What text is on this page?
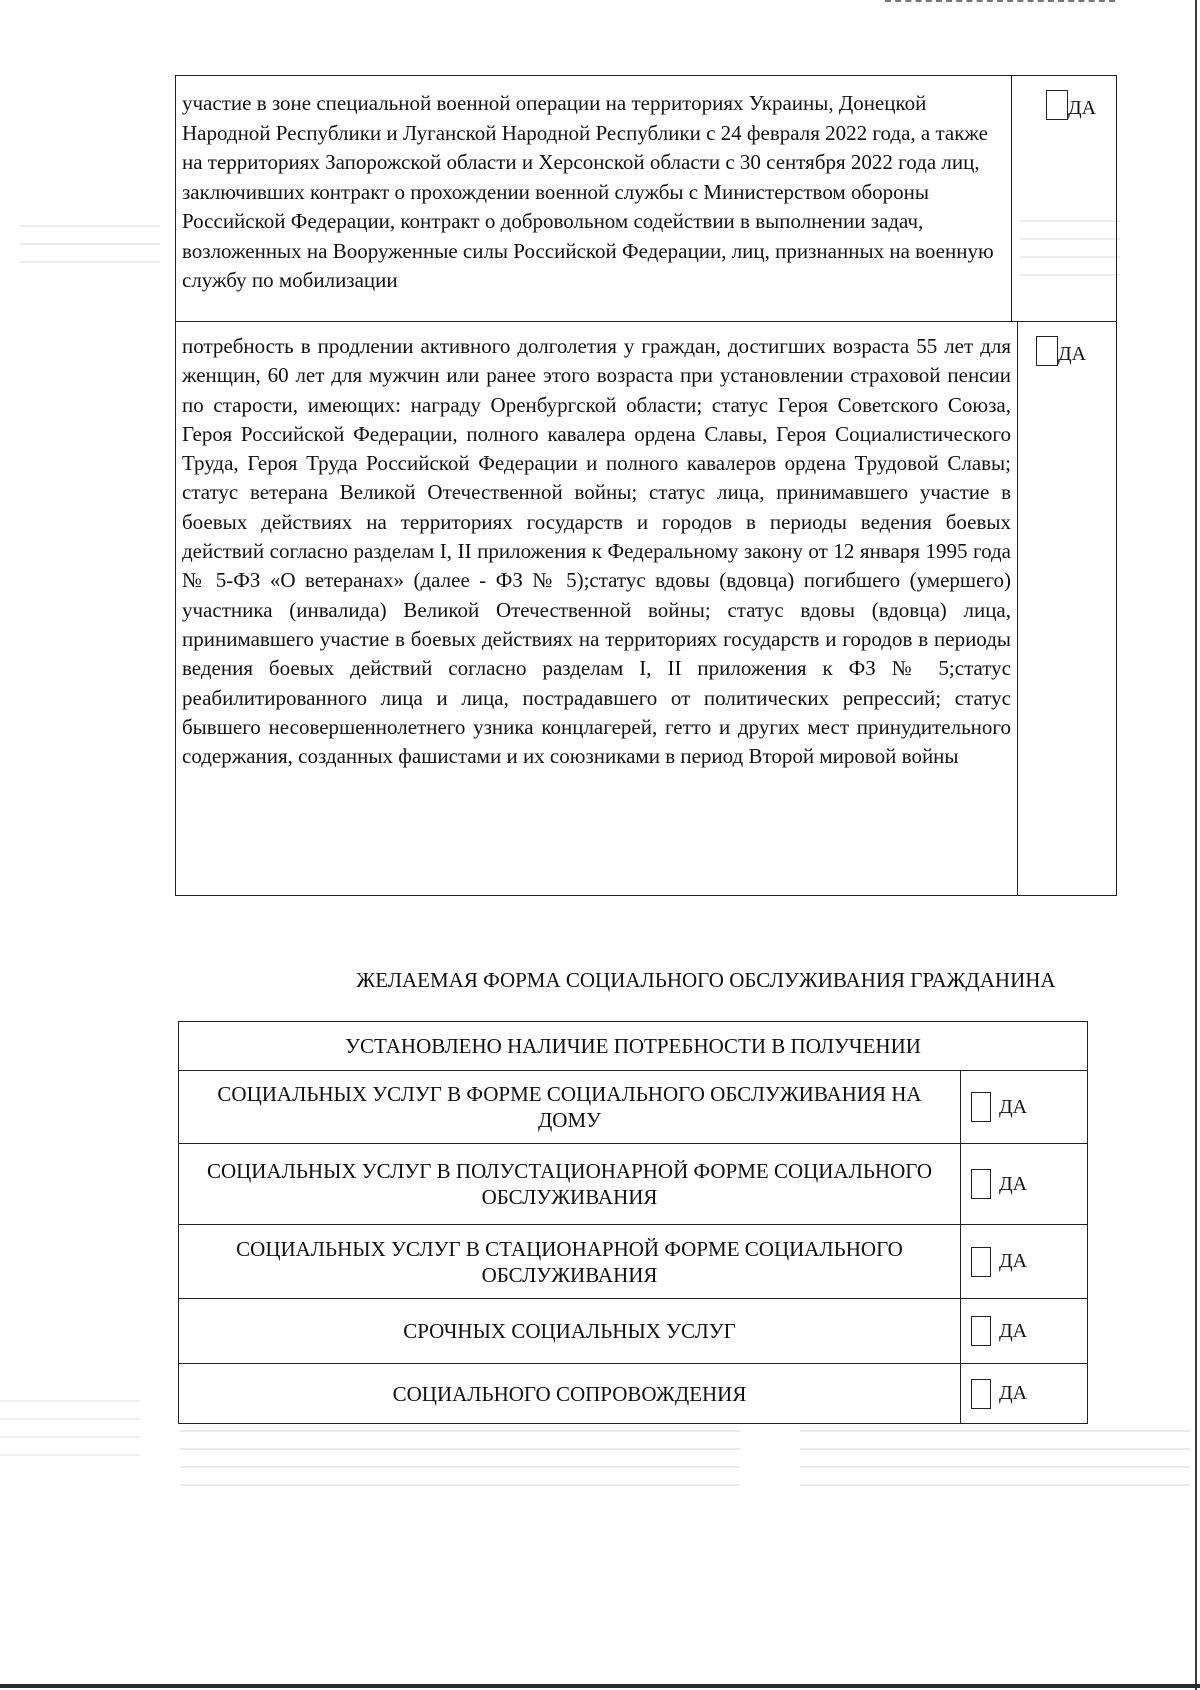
участие в зоне специальной военной операции на территориях Украины, Донецкой Народной Республики и Луганской Народной Республики с 24 февраля 2022 года, а также на территориях Запорожской области и Херсонской области с 30 сентября 2022 года лиц, заключивших контракт о прохождении военной службы с Министерством обороны Российской Федерации, контракт о добровольном содействии в выполнении задач, возложенных на Вооруженные силы Российской Федерации, лиц, признанных на военную службу по мобилизации
ДА
потребность в продлении активного долголетия у граждан, достигших возраста 55 лет для женщин, 60 лет для мужчин или ранее этого возраста при установлении страховой пенсии по старости, имеющих: награду Оренбургской области; статус Героя Советского Союза, Героя Российской Федерации, полного кавалера ордена Славы, Героя Социалистического Труда, Героя Труда Российской Федерации и полного кавалеров ордена Трудовой Славы; статус ветерана Великой Отечественной войны; статус лица, принимавшего участие в боевых действиях на территориях государств и городов в периоды ведения боевых действий согласно разделам I, II приложения к Федеральному закону от 12 января 1995 года № 5-ФЗ «О ветеранах» (далее - ФЗ № 5);статус вдовы (вдовца) погибшего (умершего) участника (инвалида) Великой Отечественной войны; статус вдовы (вдовца) лица, принимавшего участие в боевых действиях на территориях государств и городов в периоды ведения боевых действий согласно разделам I, II приложения к ФЗ № 5;статус реабилитированного лица и лица, пострадавшего от политических репрессий; статус бывшего несовершеннолетнего узника концлагерей, гетто и других мест принудительного содержания, созданных фашистами и их союзниками в период Второй мировой войны
ДА
ЖЕЛАЕМАЯ ФОРМА СОЦИАЛЬНОГО ОБСЛУЖИВАНИЯ ГРАЖДАНИНА
УСТАНОВЛЕНО НАЛИЧИЕ ПОТРЕБНОСТИ В ПОЛУЧЕНИИ
СОЦИАЛЬНЫХ УСЛУГ В ФОРМЕ СОЦИАЛЬНОГО ОБСЛУЖИВАНИЯ НА ДОМУ
ДА
СОЦИАЛЬНЫХ УСЛУГ В ПОЛУСТАЦИОНАРНОЙ ФОРМЕ СОЦИАЛЬНОГО ОБСЛУЖИВАНИЯ
ДА
СОЦИАЛЬНЫХ УСЛУГ В СТАЦИОНАРНОЙ ФОРМЕ СОЦИАЛЬНОГО ОБСЛУЖИВАНИЯ
ДА
СРОЧНЫХ СОЦИАЛЬНЫХ УСЛУГ	ДА
СОЦИАЛЬНОГО СОПРОВОЖДЕНИЯ	ДА
